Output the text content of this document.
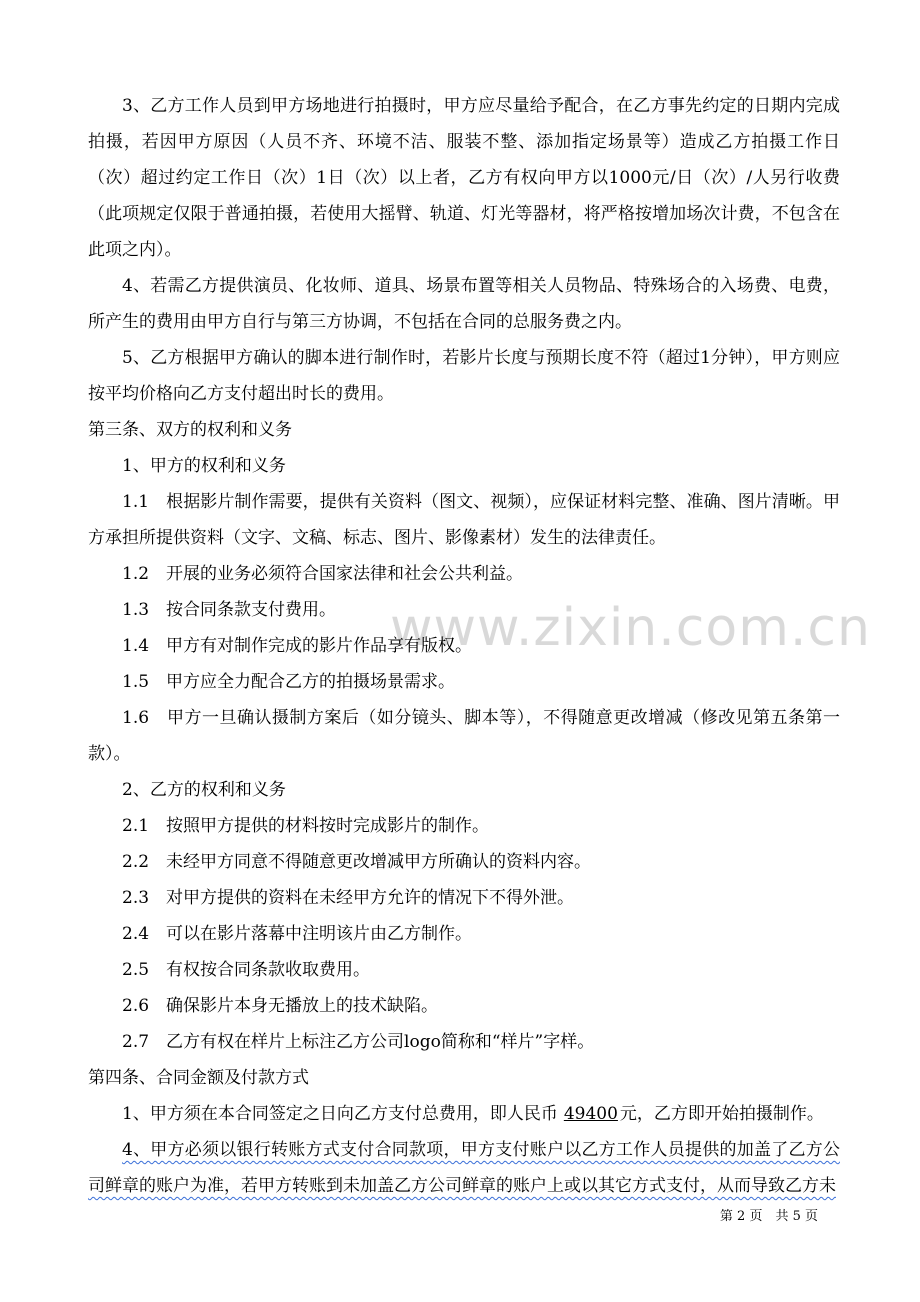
www.zixin.com.cn

3、乙方工作人员到甲方场地进行拍摄时，甲方应尽量给予配合，在乙方事先约定的日期内完成拍摄，若因甲方原因（人员不齐、环境不洁、服装不整、添加指定场景等）造成乙方拍摄工作日（次）超过约定工作日（次）1日（次）以上者，乙方有权向甲方以1000元/日（次）/人另行收费（此项规定仅限于普通拍摄，若使用大摇臂、轨道、灯光等器材，将严格按增加场次计费，不包含在此项之内）。

4、若需乙方提供演员、化妆师、道具、场景布置等相关人员物品、特殊场合的入场费、电费，所产生的费用由甲方自行与第三方协调，不包括在合同的总服务费之内。

5、乙方根据甲方确认的脚本进行制作时，若影片长度与预期长度不符（超过1分钟），甲方则应按平均价格向乙方支付超出时长的费用。

第三条、双方的权利和义务

1、甲方的权利和义务

1.1　根据影片制作需要，提供有关资料（图文、视频），应保证材料完整、准确、图片清晰。甲方承担所提供资料（文字、文稿、标志、图片、影像素材）发生的法律责任。

1.2　开展的业务必须符合国家法律和社会公共利益。

1.3　按合同条款支付费用。

1.4　甲方有对制作完成的影片作品享有版权。

1.5　甲方应全力配合乙方的拍摄场景需求。

1.6　甲方一旦确认摄制方案后（如分镜头、脚本等），不得随意更改增减（修改见第五条第一款）。

2、乙方的权利和义务

2.1　按照甲方提供的材料按时完成影片的制作。

2.2　未经甲方同意不得随意更改增减甲方所确认的资料内容。

2.3　对甲方提供的资料在未经甲方允许的情况下不得外泄。

2.4　可以在影片落幕中注明该片由乙方制作。

2.5　有权按合同条款收取费用。

2.6　确保影片本身无播放上的技术缺陷。

2.7　乙方有权在样片上标注乙方公司logo简称和“样片”字样。

第四条、合同金额及付款方式

1、甲方须在本合同签定之日向乙方支付总费用，即人民币 49400 元，乙方即开始拍摄制作。

4、甲方必须以银行转账方式支付合同款项，甲方支付账户以乙方工作人员提供的加盖了乙方公司鲜章的账户为准，若甲方转账到未加盖乙方公司鲜章的账户上或以其它方式支付，从而导致乙方未

第 2 页　共 5 页
